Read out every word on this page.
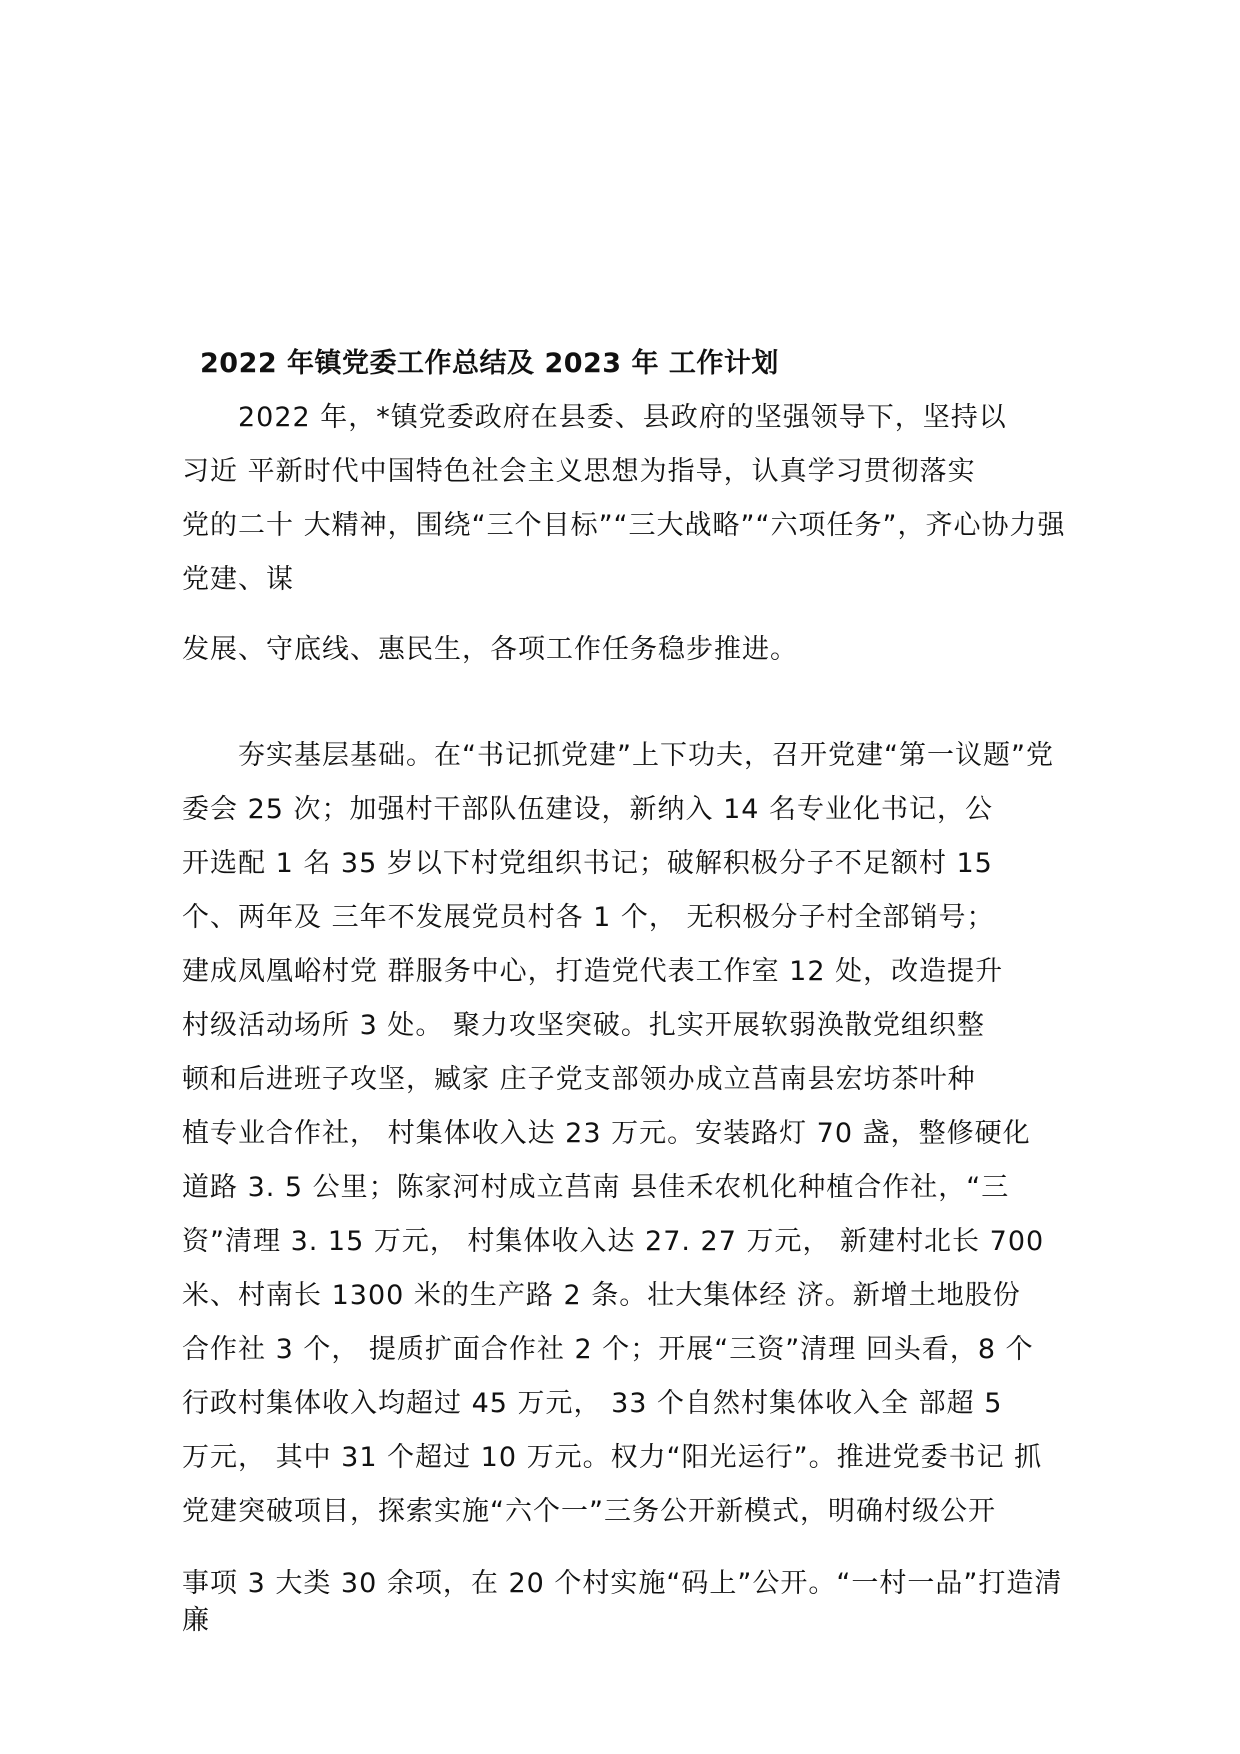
2022 年镇党委工作总结及 2023 年 工作计划

2022 年，*镇党委政府在县委、县政府的坚强领导下，坚持以

习近 平新时代中国特色社会主义思想为指导，认真学习贯彻落实

党的二十 大精神，围绕“三个目标”“三大战略”“六项任务”，齐心协力强

党建、谋

发展、守底线、惠民生，各项工作任务稳步推进。

夯实基层基础。在“书记抓党建”上下功夫，召开党建“第一议题”党

委会 25 次；加强村干部队伍建设，新纳入 14 名专业化书记，公

开选配 1 名 35 岁以下村党组织书记；破解积极分子不足额村 15

个、两年及 三年不发展党员村各 1 个， 无积极分子村全部销号；

建成凤凰峪村党 群服务中心，打造党代表工作室 12 处，改造提升

村级活动场所 3 处。 聚力攻坚突破。扎实开展软弱涣散党组织整

顿和后进班子攻坚，臧家 庄子党支部领办成立莒南县宏坊茶叶种

植专业合作社， 村集体收入达 23 万元。安装路灯 70 盏，整修硬化

道路 3. 5 公里；陈家河村成立莒南 县佳禾农机化种植合作社，“三

资”清理 3. 15 万元， 村集体收入达 27. 27 万元， 新建村北长 700

米、村南长 1300 米的生产路 2 条。壮大集体经 济。新增土地股份

合作社 3 个， 提质扩面合作社 2 个；开展“三资”清理 回头看，8 个

行政村集体收入均超过 45 万元， 33 个自然村集体收入全 部超 5

万元， 其中 31 个超过 10 万元。权力“阳光运行”。推进党委书记 抓

党建突破项目，探索实施“六个一”三务公开新模式，明确村级公开

事项 3 大类 30 余项，在 20 个村实施“码上”公开。“一村一品”打造清

廉
